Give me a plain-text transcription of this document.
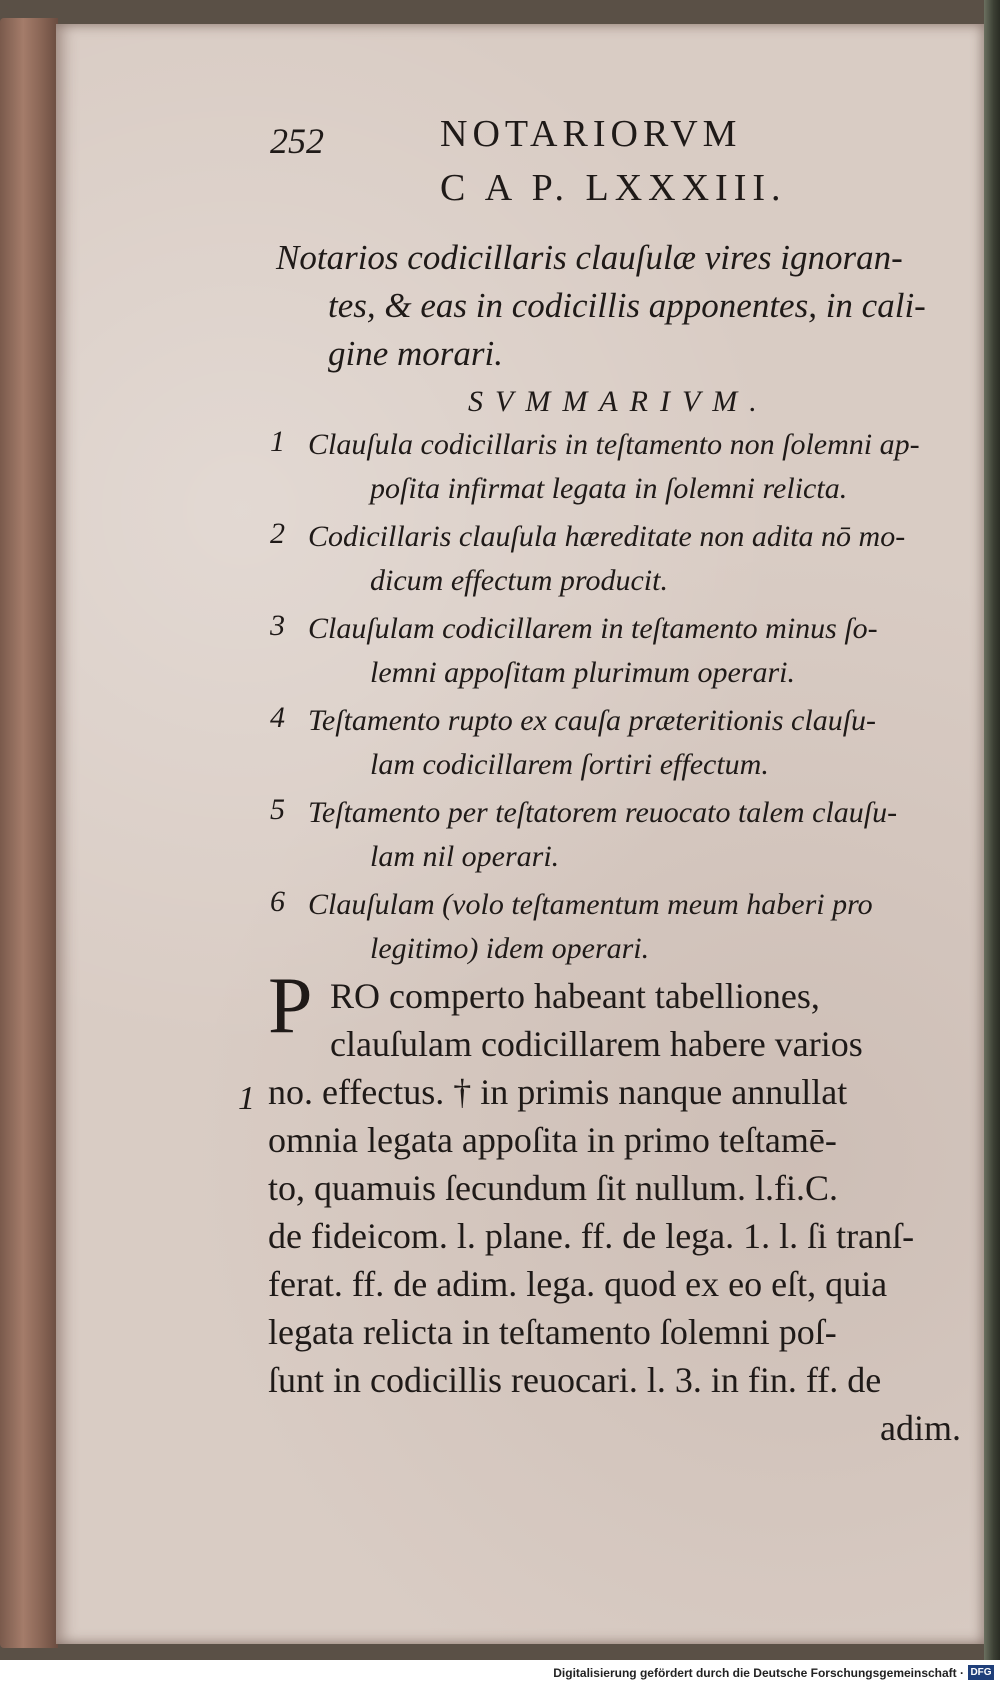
252	NOTARIORVM
C A P. LXXXIII.
Notarios codicillaris clauſulæ vires ignoran-
tes, & eas in codicillis apponentes, in cali-
gine morari.
SVMMARIVM.
1 Clauſula codicillaris in teſtamento non ſolemni ap-
poſita infirmat legata in ſolemni relicta.
2 Codicillaris clauſula hæreditate non adita nō mo-
dicum effectum producit.
3 Clauſulam codicillarem in teſtamento minus ſo-
lemni appoſitam plurimum operari.
4 Teſtamento rupto ex cauſa præteritionis clauſu-
lam codicillarem ſortiri effectum.
5 Teſtamento per teſtatorem reuocato talem clauſu-
lam nil operari.
6 Clauſulam (volo teſtamentum meum haberi pro
legitimo) idem operari.
1
P RO comperto habeant tabelliones,
clauſulam codicillarem habere varios
no. effectus. † in primis nanque annullat
omnia legata appoſita in primo teſtamē-
to, quamuis ſecundum ſit nullum. l.fi.C.
de fideicom. l. plane. ff. de lega. 1. l. ſi tranſ-
ferat. ff. de adim. lega. quod ex eo eſt, quia
legata relicta in teſtamento ſolemni poſ-
ſunt in codicillis reuocari. l. 3. in fin. ff. de
adim.
Digitalisierung gefördert durch die Deutsche Forschungsgemeinschaft · DFG
